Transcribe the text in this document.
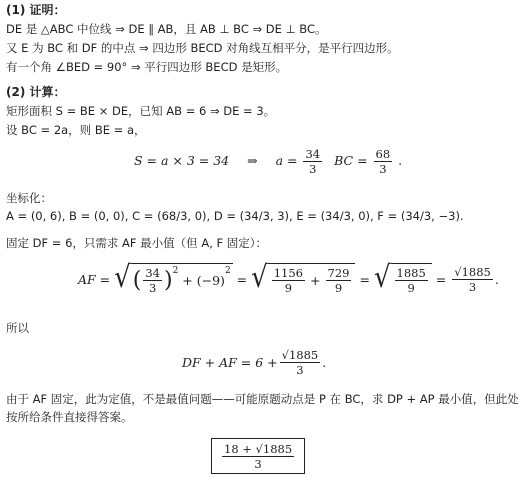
(1) 证明：
DE 是 △ABC 中位线 ⇒ DE ∥ AB，且 AB ⊥ BC ⇒ DE ⊥ BC。
又 E 为 BC 和 DF 的中点 ⇒ 四边形 BECD 对角线互相平分，是平行四边形。
有一个角 ∠BED = 90° ⇒ 平行四边形 BECD 是矩形。
(2) 计算：
矩形面积 S = BE × DE，已知 AB = 6 ⇒ DE = 3。
设 BC = 2a，则 BE = a，
S = a × 3 = 34 ⇒ $a = \frac{34}{3}$ BC = $\frac{68}{3}$ .
坐标化：
A = (0, 6), B = (0, 0), C = (68/3, 0), D = (34/3, 3), E = (34/3, 0), F = (34/3, −3).
固定 DF = 6，只需求 AF 最小值（但 A, F 固定）：
AF = √ ( $\frac{34}{3} )^2$
+ (−9)
$^2$
= √ $\frac{1156}{9} + \frac{729}{9}$ = √ $\frac{1885}{9} = \frac{√1885}{3}$ .
所以
DF + AF = $6 + \frac{√1885}{3}$ .
由于 AF 固定，此为定值，不是最值问题——可能原题动点是 P 在 BC，求 DP + AP 最小值，但此处
按所给条件直接得答案。
$\frac{18 + √1885}{3}$
